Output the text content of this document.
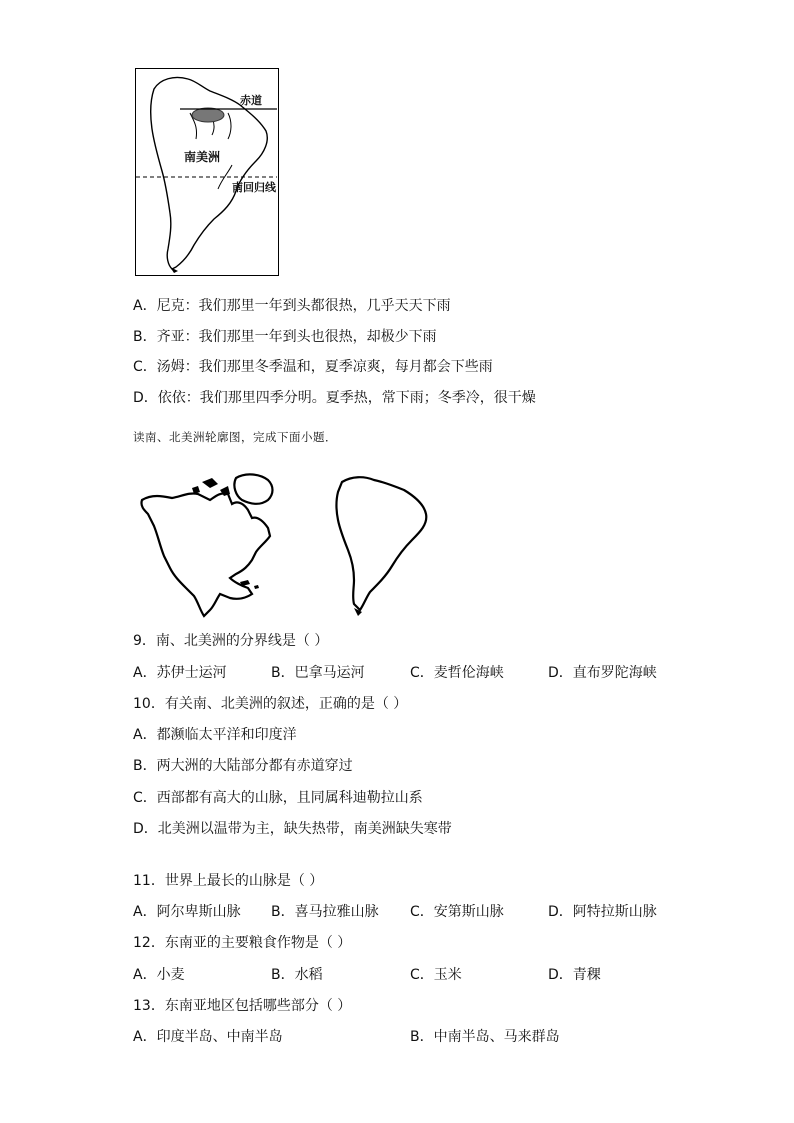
赤道
南美洲
南回归线
A．尼克：我们那里一年到头都很热，几乎天天下雨
B．齐亚：我们那里一年到头也很热，却极少下雨
C．汤姆：我们那里冬季温和，夏季凉爽，每月都会下些雨
D．依依：我们那里四季分明。夏季热，常下雨；冬季冷，很干燥
读南、北美洲轮廓图，完成下面小题．
9．南、北美洲的分界线是（ ）
A．苏伊士运河	B．巴拿马运河	C．麦哲伦海峡	D．直布罗陀海峡
10．有关南、北美洲的叙述，正确的是（ ）
A．都濒临太平洋和印度洋
B．两大洲的大陆部分都有赤道穿过
C．西部都有高大的山脉，且同属科迪勒拉山系
D．北美洲以温带为主，缺失热带，南美洲缺失寒带
11．世界上最长的山脉是（ ）
A．阿尔卑斯山脉 B．喜马拉雅山脉 C．安第斯山脉	D．阿特拉斯山脉
12．东南亚的主要粮食作物是（ ）
A．小麦	B．水稻	C．玉米	D．青稞
13．东南亚地区包括哪些部分（ ）
A．印度半岛、中南半岛	B．中南半岛、马来群岛
